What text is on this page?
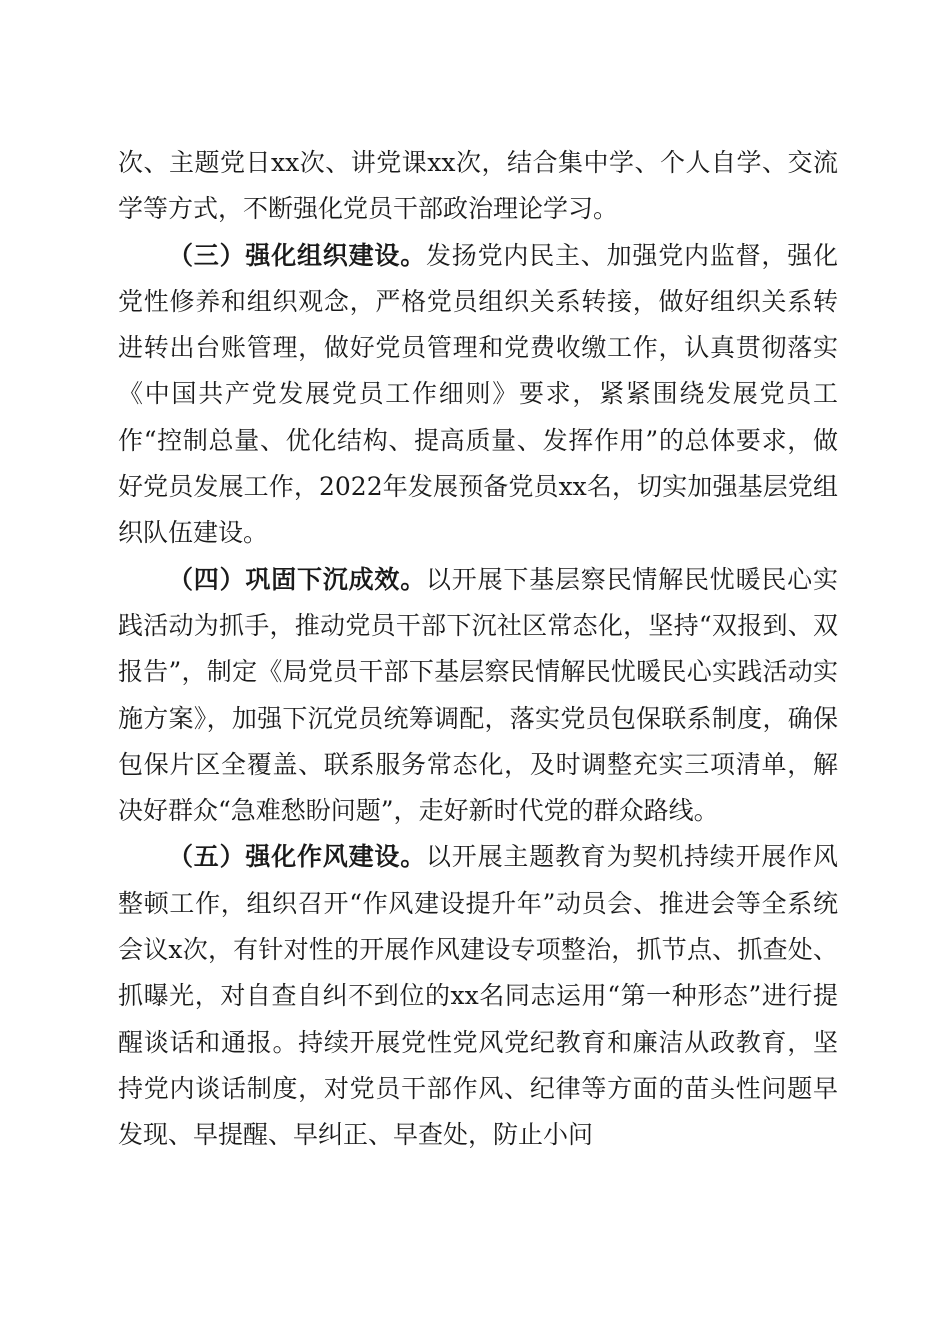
次、主题党日xx次、讲党课xx次，结合集中学、个人自学、交流学等方式，不断强化党员干部政治理论学习。

（三）强化组织建设。发扬党内民主、加强党内监督，强化党性修养和组织观念，严格党员组织关系转接，做好组织关系转进转出台账管理，做好党员管理和党费收缴工作，认真贯彻落实《中国共产党发展党员工作细则》要求，紧紧围绕发展党员工作“控制总量、优化结构、提高质量、发挥作用”的总体要求，做好党员发展工作，2022年发展预备党员xx名，切实加强基层党组织队伍建设。

（四）巩固下沉成效。以开展下基层察民情解民忧暖民心实践活动为抓手，推动党员干部下沉社区常态化，坚持“双报到、双报告”，制定《局党员干部下基层察民情解民忧暖民心实践活动实施方案》，加强下沉党员统筹调配，落实党员包保联系制度，确保包保片区全覆盖、联系服务常态化，及时调整充实三项清单，解决好群众“急难愁盼问题”，走好新时代党的群众路线。

（五）强化作风建设。以开展主题教育为契机持续开展作风整顿工作，组织召开“作风建设提升年”动员会、推进会等全系统会议x次，有针对性的开展作风建设专项整治，抓节点、抓查处、抓曝光，对自查自纠不到位的xx名同志运用“第一种形态”进行提醒谈话和通报。持续开展党性党风党纪教育和廉洁从政教育，坚持党内谈话制度，对党员干部作风、纪律等方面的苗头性问题早发现、早提醒、早纠正、早查处，防止小问
